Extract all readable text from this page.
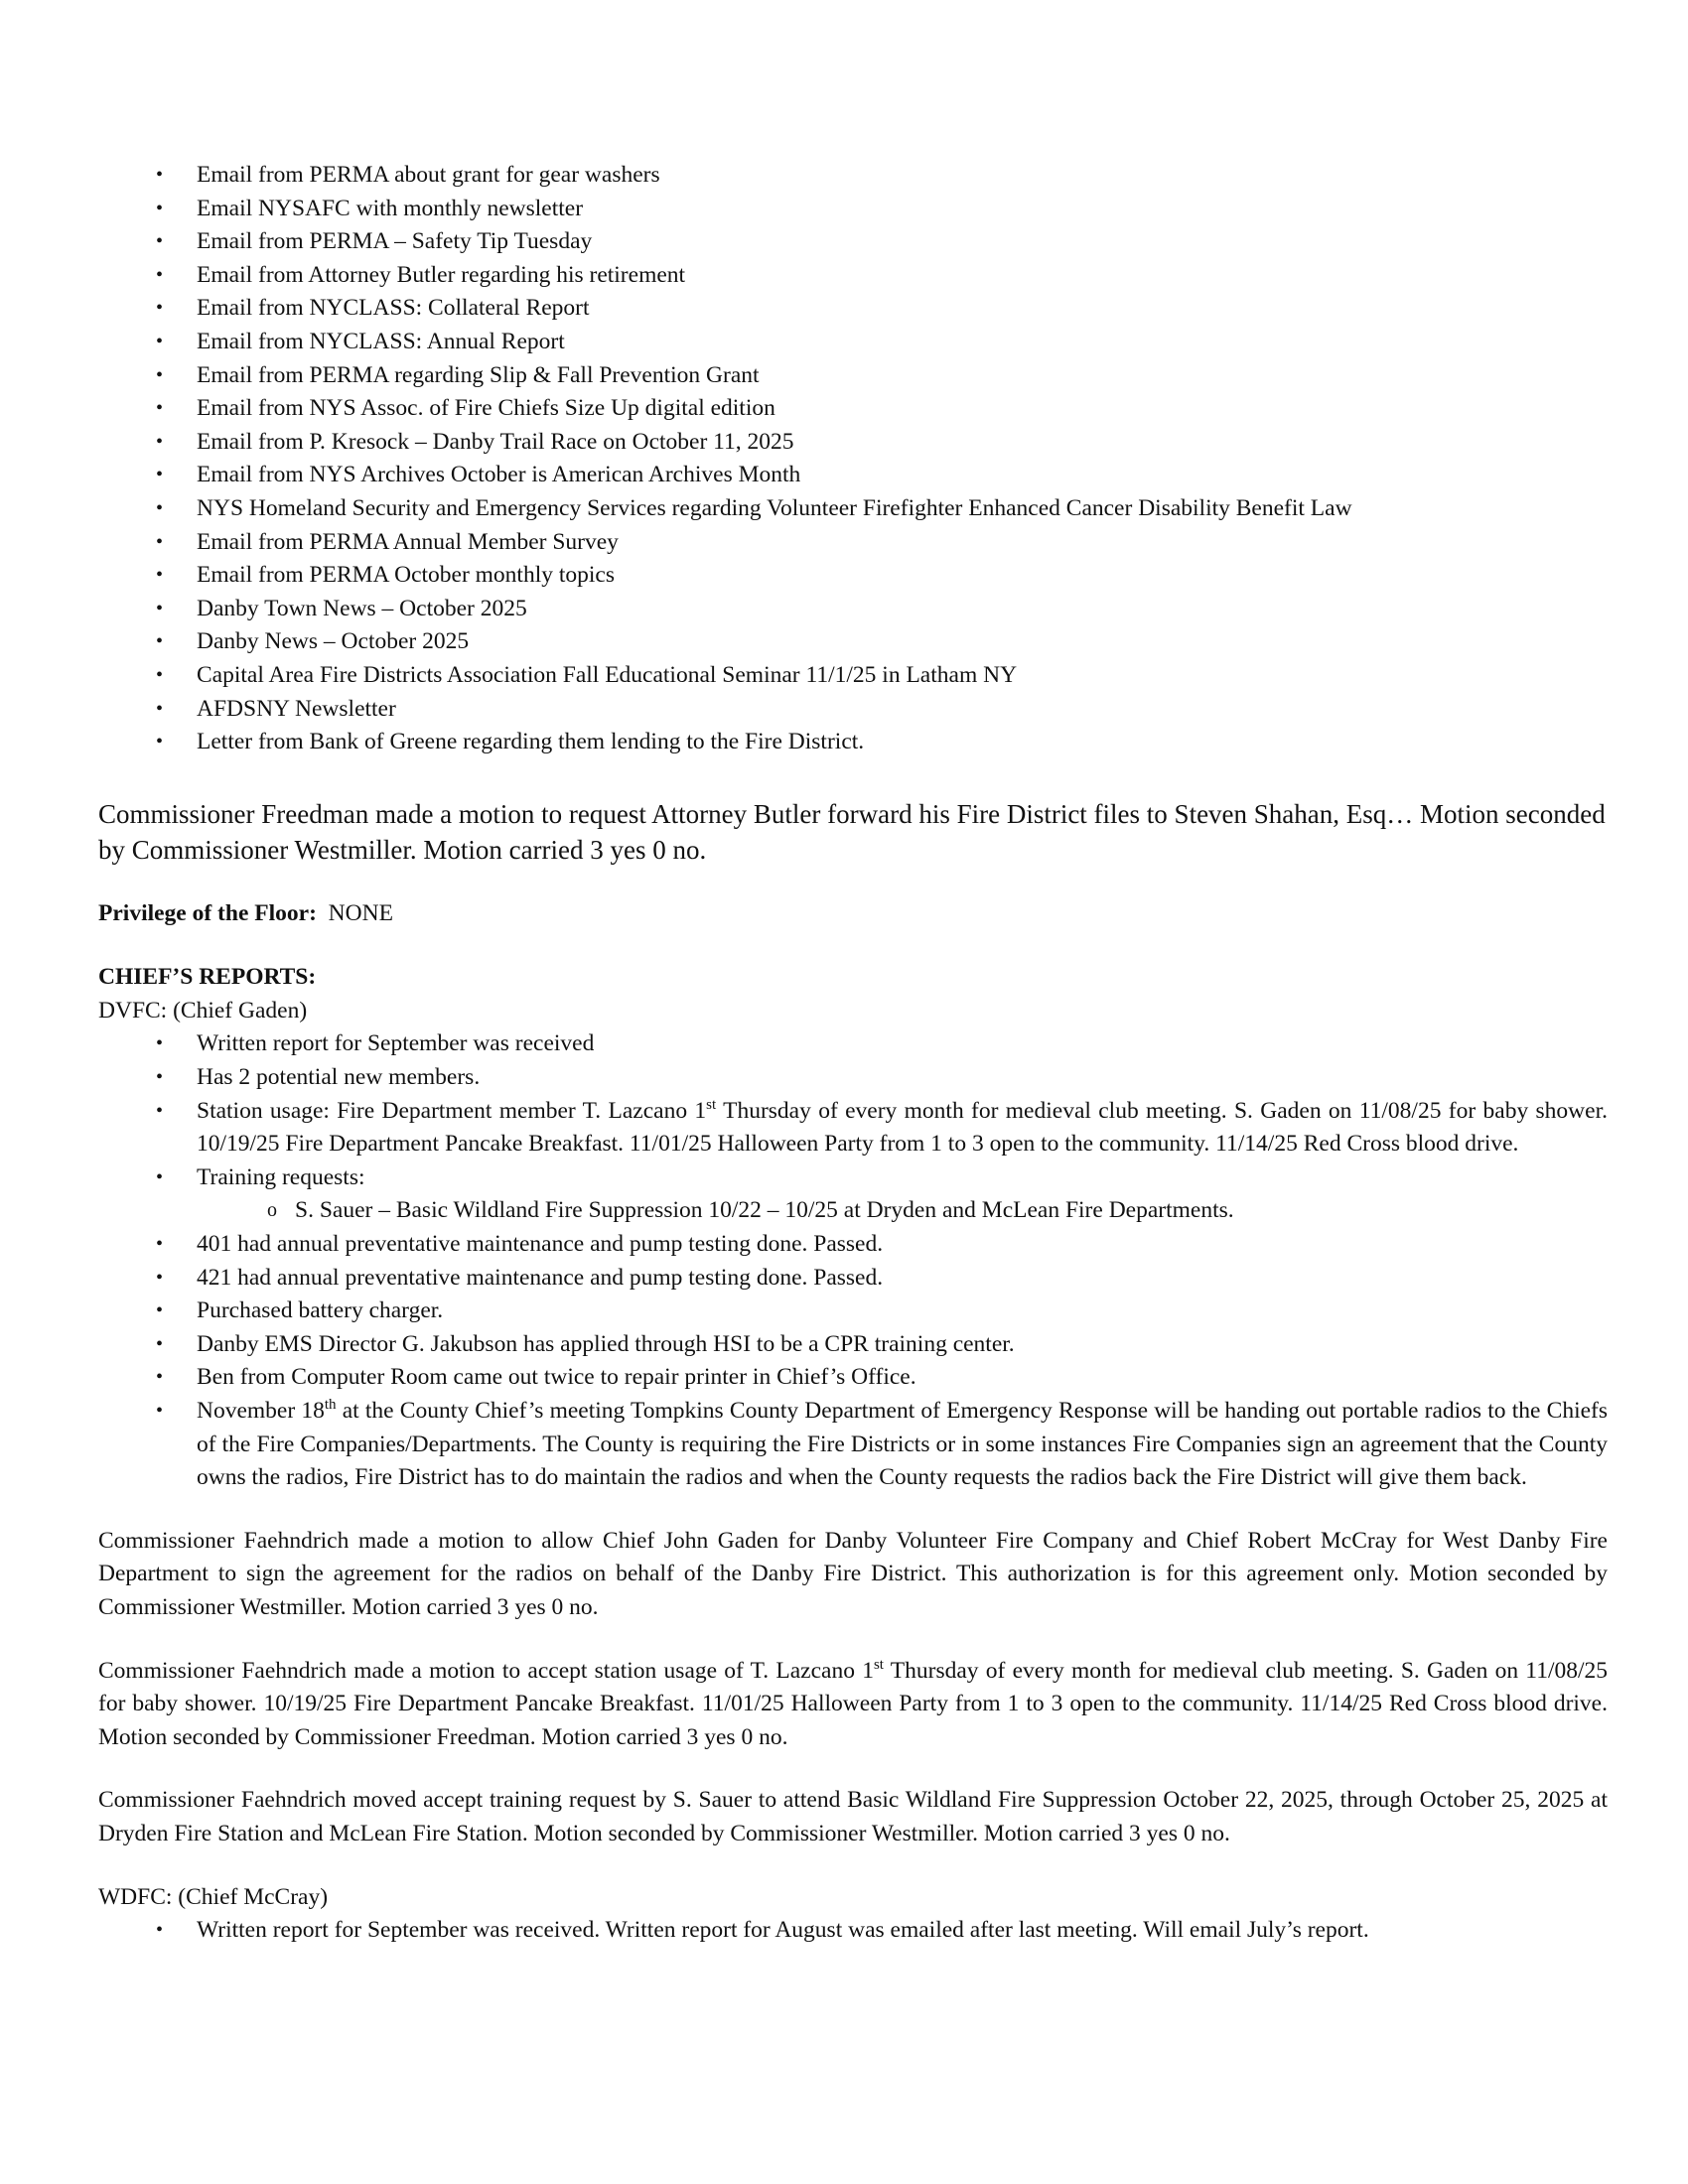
•
Email from PERMA about grant for gear washers
•
Email NYSAFC with monthly newsletter
•
Email from PERMA – Safety Tip Tuesday
•
Email from Attorney Butler regarding his retirement
•
Email from NYCLASS: Collateral Report
•
Email from NYCLASS: Annual Report
•
Email from PERMA regarding Slip & Fall Prevention Grant
•
Email from NYS Assoc. of Fire Chiefs Size Up digital edition
•
Email from P. Kresock – Danby Trail Race on October 11, 2025
•
Email from NYS Archives October is American Archives Month
•
NYS Homeland Security and Emergency Services regarding Volunteer Firefighter Enhanced Cancer Disability Benefit Law
•
Email from PERMA Annual Member Survey
•
Email from PERMA October monthly topics
•
Danby Town News – October 2025
•
Danby News – October 2025
•
Capital Area Fire Districts Association Fall Educational Seminar 11/1/25 in Latham NY
•
AFDSNY Newsletter
•
Letter from Bank of Greene regarding them lending to the Fire District.

Commissioner Freedman made a motion to request Attorney Butler forward his Fire District files to Steven Shahan, Esq… Motion seconded by Commissioner Westmiller. Motion carried 3 yes 0 no.

Privilege of the Floor: NONE

CHIEF’S REPORTS:

DVFC: (Chief Gaden)

•
Written report for September was received
•
Has 2 potential new members.
•
Station usage: Fire Department member T. Lazcano 1st Thursday of every month for medieval club meeting. S. Gaden on 11/08/25 for baby shower. 10/19/25 Fire Department Pancake Breakfast. 11/01/25 Halloween Party from 1 to 3 open to the community. 11/14/25 Red Cross blood drive.
•
Training requests:
o
S. Sauer – Basic Wildland Fire Suppression 10/22 – 10/25 at Dryden and McLean Fire Departments.
•
401 had annual preventative maintenance and pump testing done. Passed.
•
421 had annual preventative maintenance and pump testing done. Passed.
•
Purchased battery charger.
•
Danby EMS Director G. Jakubson has applied through HSI to be a CPR training center.
•
Ben from Computer Room came out twice to repair printer in Chief’s Office.
•
November 18th at the County Chief’s meeting Tompkins County Department of Emergency Response will be handing out portable radios to the Chiefs of the Fire Companies/Departments. The County is requiring the Fire Districts or in some instances Fire Companies sign an agreement that the County owns the radios, Fire District has to do maintain the radios and when the County requests the radios back the Fire District will give them back.

Commissioner Faehndrich made a motion to allow Chief John Gaden for Danby Volunteer Fire Company and Chief Robert McCray for West Danby Fire Department to sign the agreement for the radios on behalf of the Danby Fire District. This authorization is for this agreement only. Motion seconded by Commissioner Westmiller. Motion carried 3 yes 0 no.

Commissioner Faehndrich made a motion to accept station usage of T. Lazcano 1st Thursday of every month for medieval club meeting. S. Gaden on 11/08/25 for baby shower. 10/19/25 Fire Department Pancake Breakfast. 11/01/25 Halloween Party from 1 to 3 open to the community. 11/14/25 Red Cross blood drive. Motion seconded by Commissioner Freedman. Motion carried 3 yes 0 no.

Commissioner Faehndrich moved accept training request by S. Sauer to attend Basic Wildland Fire Suppression October 22, 2025, through October 25, 2025 at Dryden Fire Station and McLean Fire Station. Motion seconded by Commissioner Westmiller. Motion carried 3 yes 0 no.

WDFC: (Chief McCray)

•
Written report for September was received. Written report for August was emailed after last meeting. Will email July’s report.
